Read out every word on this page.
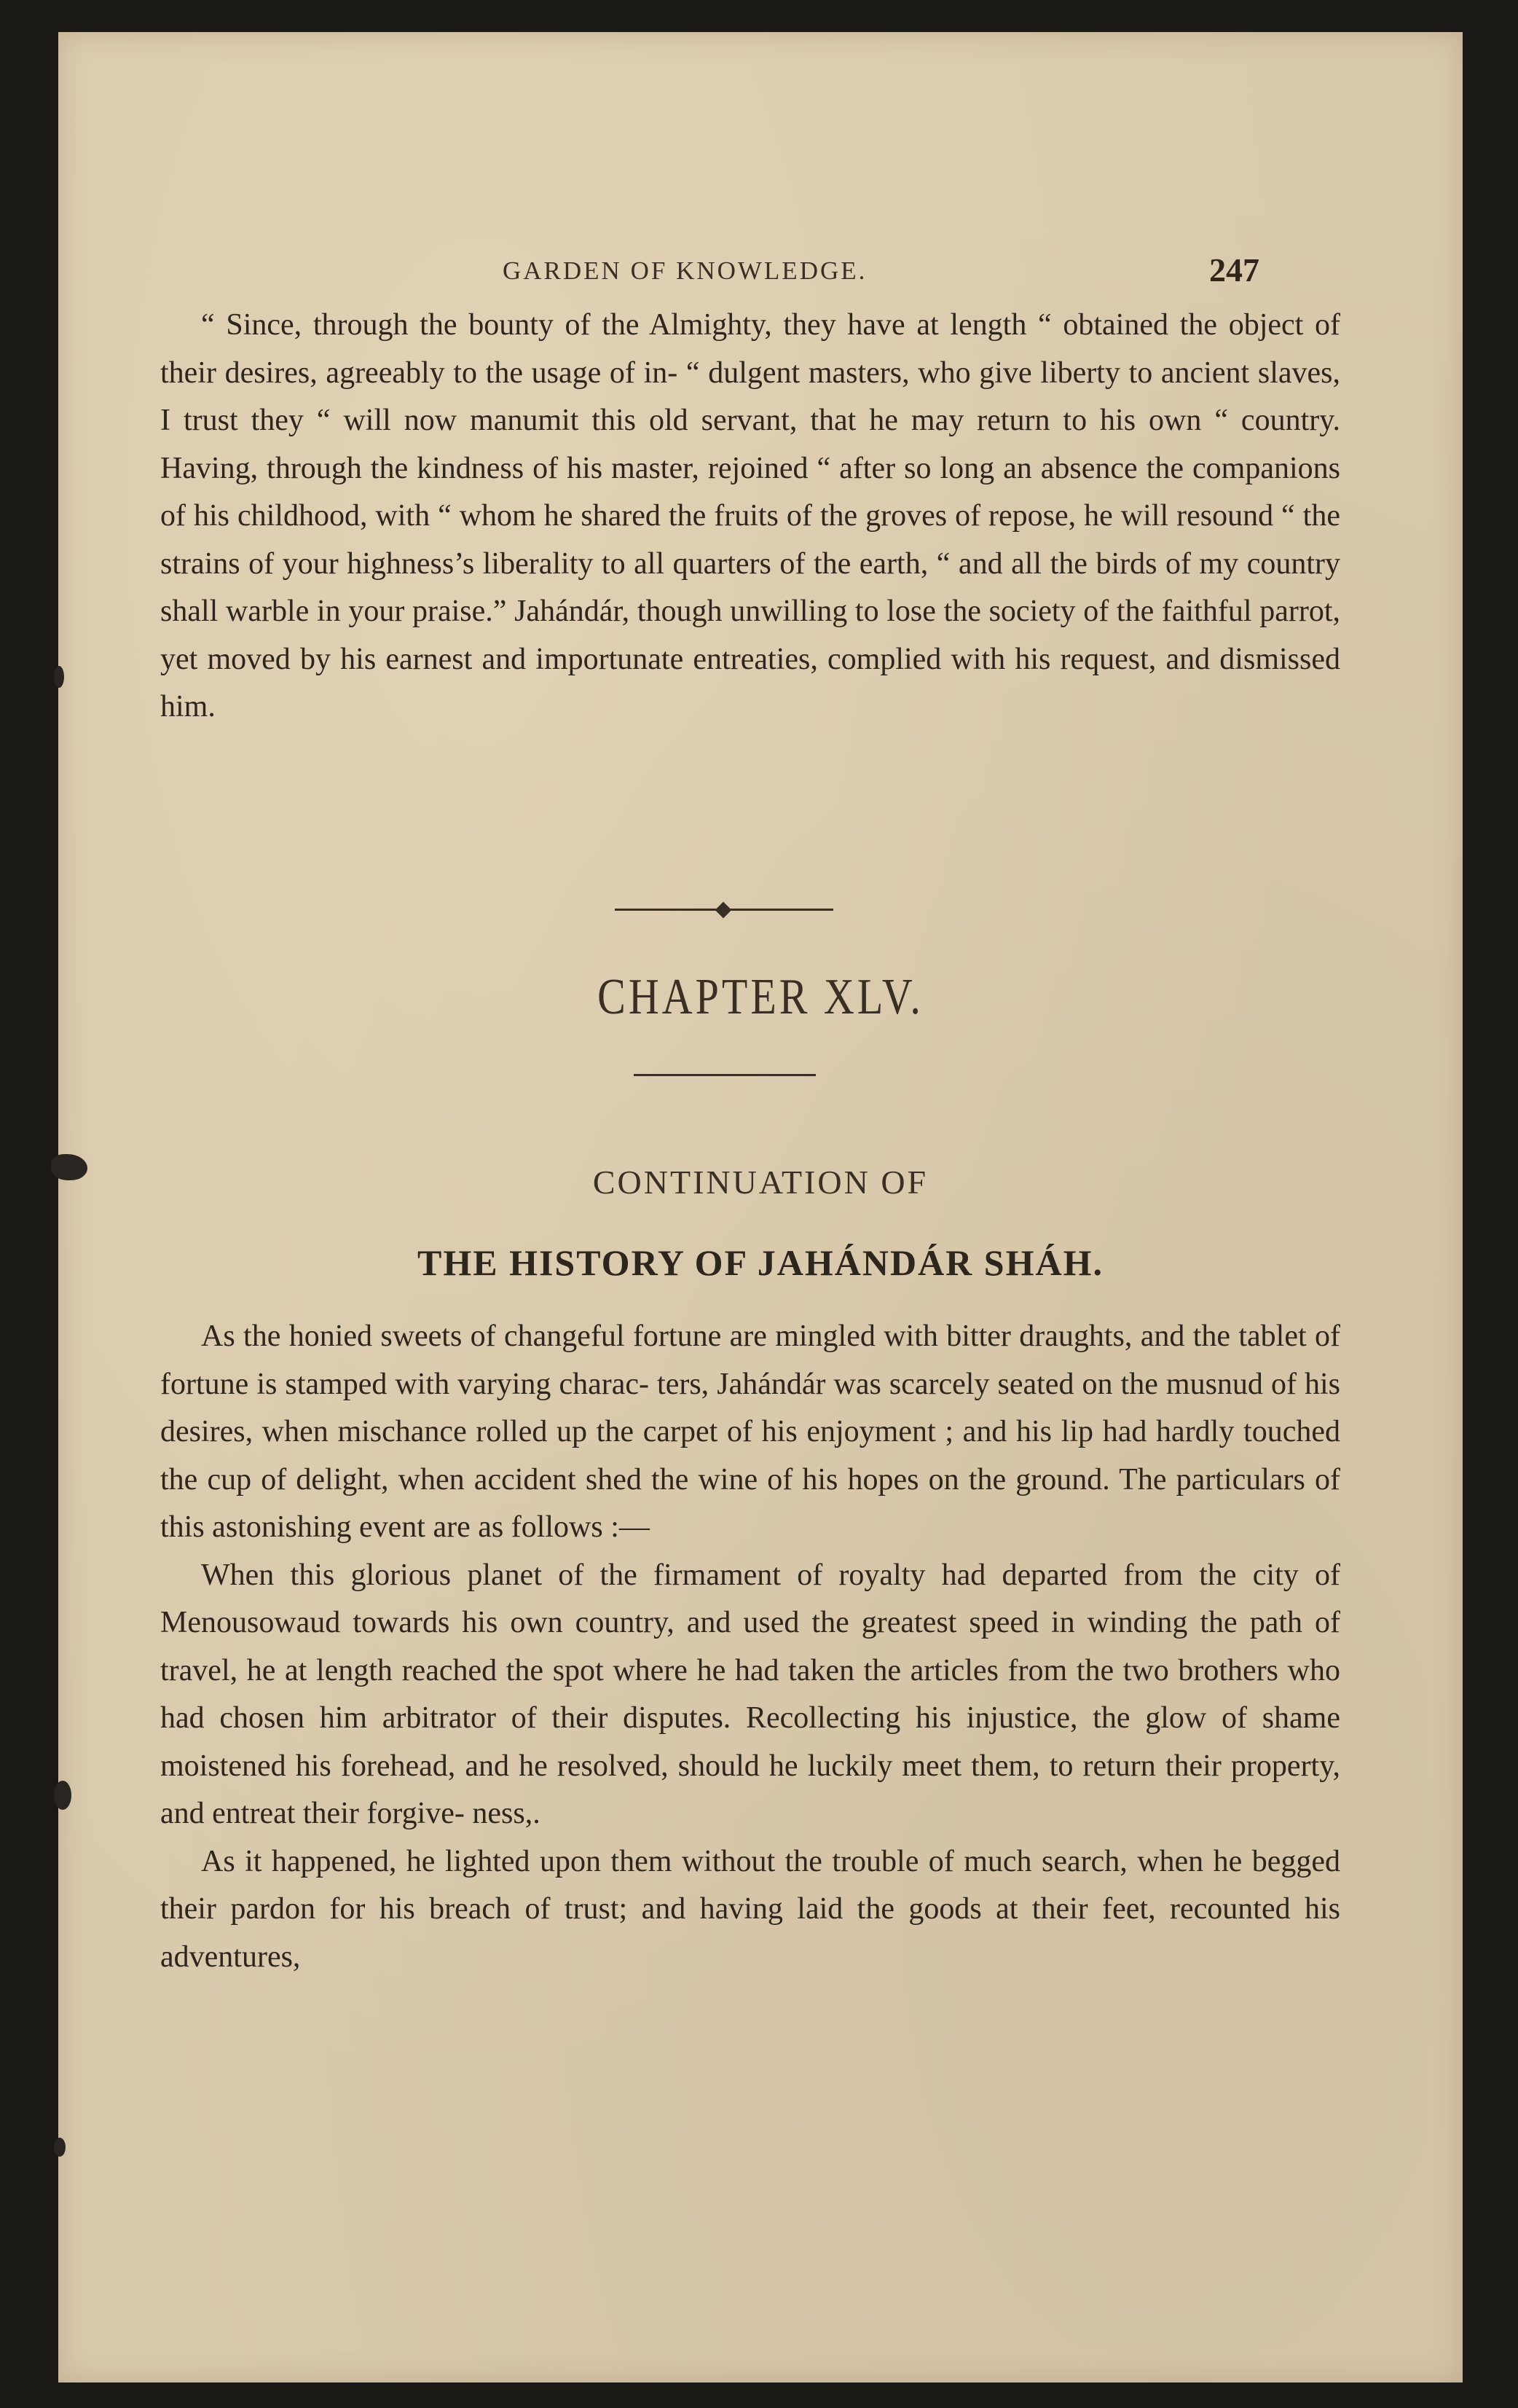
GARDEN OF KNOWLEDGE.	247

“ Since, through the bounty of the Almighty, they have at length “ obtained the object of their desires, agreeably to the usage of in- “ dulgent masters, who give liberty to ancient slaves, I trust they “ will now manumit this old servant, that he may return to his own “ country. Having, through the kindness of his master, rejoined “ after so long an absence the companions of his childhood, with “ whom he shared the fruits of the groves of repose, he will resound “ the strains of your highness’s liberality to all quarters of the earth, “ and all the birds of my country shall warble in your praise.” Jahándár, though unwilling to lose the society of the faithful parrot, yet moved by his earnest and importunate entreaties, complied with his request, and dismissed him.

CHAPTER XLV.
CONTINUATION OF
THE HISTORY OF JAHÁNDÁR SHÁH.

As the honied sweets of changeful fortune are mingled with bitter draughts, and the tablet of fortune is stamped with varying charac- ters, Jahándár was scarcely seated on the musnud of his desires, when mischance rolled up the carpet of his enjoyment ; and his lip had hardly touched the cup of delight, when accident shed the wine of his hopes on the ground. The particulars of this astonishing event are as follows :—

When this glorious planet of the firmament of royalty had departed from the city of Menousowaud towards his own country, and used the greatest speed in winding the path of travel, he at length reached the spot where he had taken the articles from the two brothers who had chosen him arbitrator of their disputes. Recollecting his injustice, the glow of shame moistened his forehead, and he resolved, should he luckily meet them, to return their property, and entreat their forgive- ness,.

As it happened, he lighted upon them without the trouble of much search, when he begged their pardon for his breach of trust; and having laid the goods at their feet, recounted his adventures,
